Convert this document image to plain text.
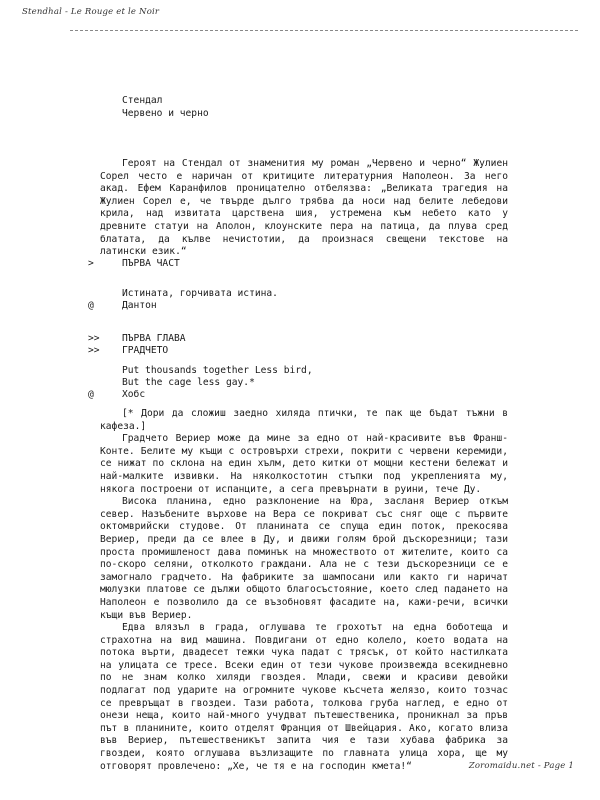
Stendhal - Le Rouge et le Noir
Стендал
Червено и черно

Героят на Стендал от знаменития му роман „Червено и черно“ Жулиен Сорел често е наричан от критиците литературния Наполеон. За него акад. Ефем Каранфилов проницателно отбелязва: „Великата трагедия на Жулиен Сорел е, че твърде дълго трябва да носи над белите лебедови крила, над извитата царствена шия, устремена към небето като у древните статуи на Аполон, клоунските пера на патица, да плува сред блатата, да кълве нечистотии, да произнася свещени текстове на латински език.“

>	ПЪРВА ЧАСТ
Истината, горчивата истина.
@	Дантон
>> ПЪРВА ГЛАВА
>> ГРАДЧЕТО
Put thousands together Less bird,
But the cage less gay.*
@	Хобс

[* Дори да сложиш заедно хиляда птички, те пак ще бъдат тъжни в кафеза.]

Градчето Вериер може да мине за едно от най-красивите във Франш-Конте. Белите му къщи с островърхи стрехи, покрити с червени керемиди, се нижат по склона на един хълм, дето китки от мощни кестени бележат и най-малките извивки. На няколкостотин стъпки под укрепленията му, някога построени от испанците, а сега превърнати в руини, тече Ду.

Висока планина, едно разклонение на Юра, засланя Вериер откъм север. Назъбените върхове на Вера се покриват със сняг още с първите октомврийски студове. От планината се спуща един поток, прекосява Вериер, преди да се влее в Ду, и движи голям брой дъскорезници; тази проста промишленост дава поминък на множеството от жителите, които са по-скоро селяни, отколкото граждани. Ала не с тези дъскорезници се е замогнало градчето. На фабриките за шампосани или както ги наричат мюлузки платове се дължи общото благосъстояние, което след падането на Наполеон е позволило да се възобновят фасадите на, кажи-речи, всички къщи във Вериер.

Едва влязъл в града, оглушава те грохотът на една боботеща и страхотна на вид машина. Повдигани от едно колело, което водата на потока върти, двадесет тежки чука падат с трясък, от който настилката на улицата се тресе. Всеки един от тези чукове произвежда всекидневно по не знам колко хиляди гвоздея. Млади, свежи и красиви девойки подлагат под ударите на огромните чукове късчета желязо, които тозчас се превръщат в гвоздеи. Тази работа, толкова груба наглед, е едно от онези неща, които най-много учудват пътешественика, проникнал за пръв път в планините, които отделят Франция от Швейцария. Ако, когато влиза във Вериер, пътешественикът запита чия е тази хубава фабрика за гвоздеи, която оглушава възлизащите по главната улица хора, ще му отговорят провлечено: „Хе, че тя е на господин кмета!“	Zoromaidu.net - Page 1
